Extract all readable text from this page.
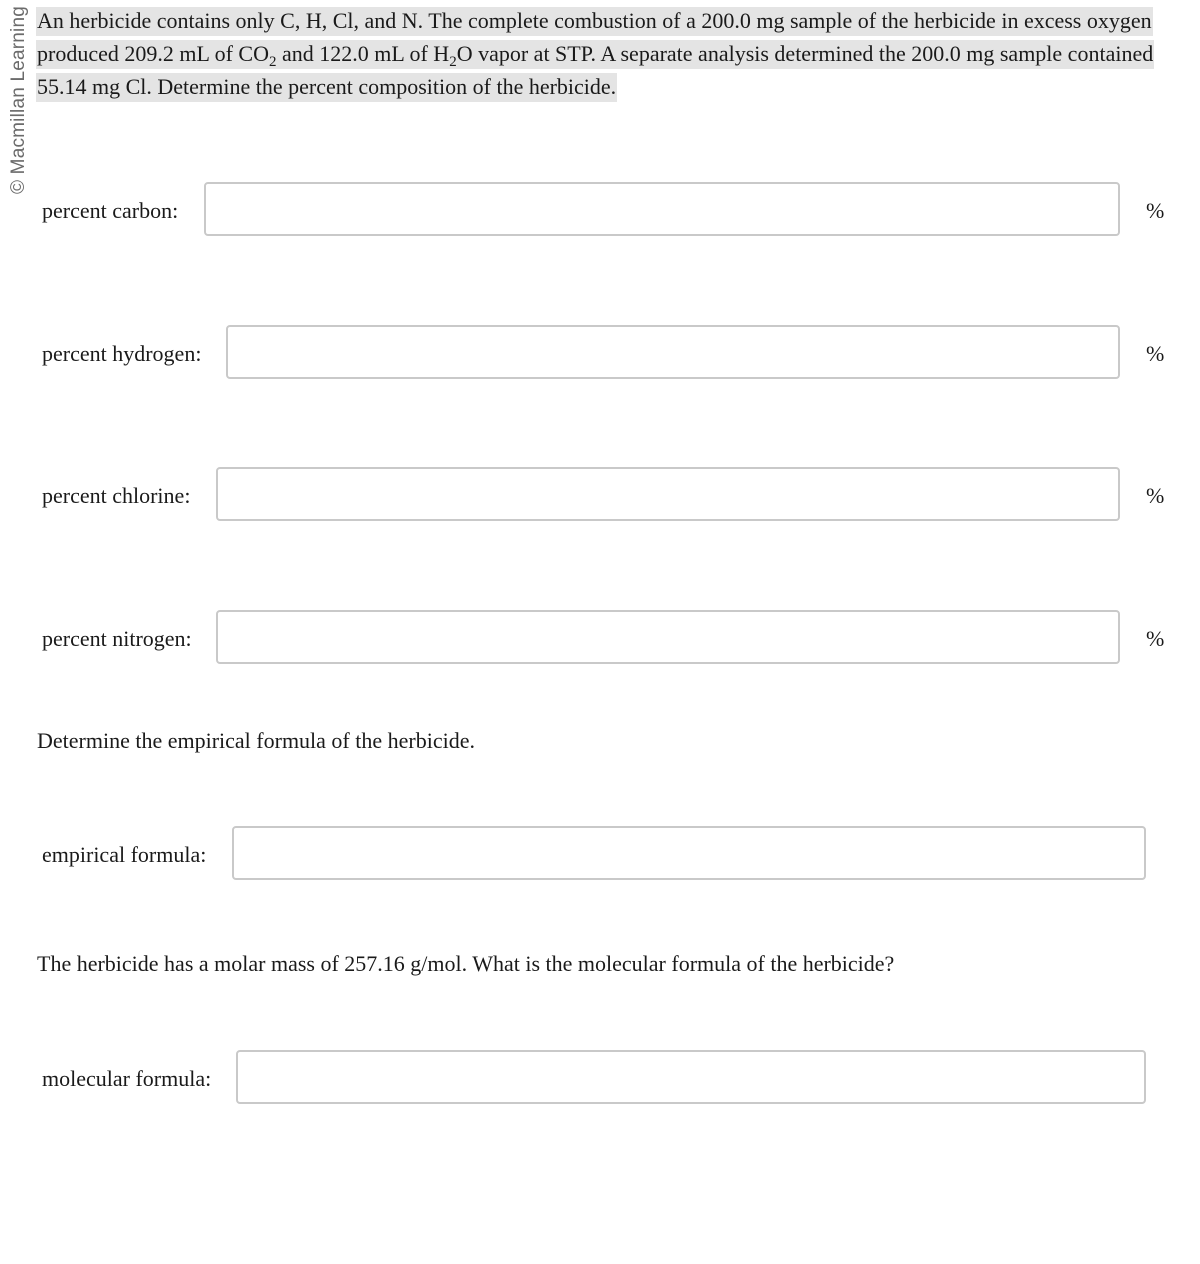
© Macmillan Learning An herbicide contains only C, H, Cl, and N. The complete combustion of a 200.0 mg sample of the herbicide in excess oxygen
produced 209.2 mL of $CO_2$ and 122.0 mL of $H_2O$ vapor at STP. A separate analysis determined the 200.0 mg sample contained
55.14 mg Cl. Determine the percent composition of the herbicide.
percent carbon:	%
percent hydrogen:	%
percent chlorine:	%
percent nitrogen:	%
Determine the empirical formula of the herbicide.
empirical formula:
The herbicide has a molar mass of 257.16 g/mol. What is the molecular formula of the herbicide?
molecular formula:
